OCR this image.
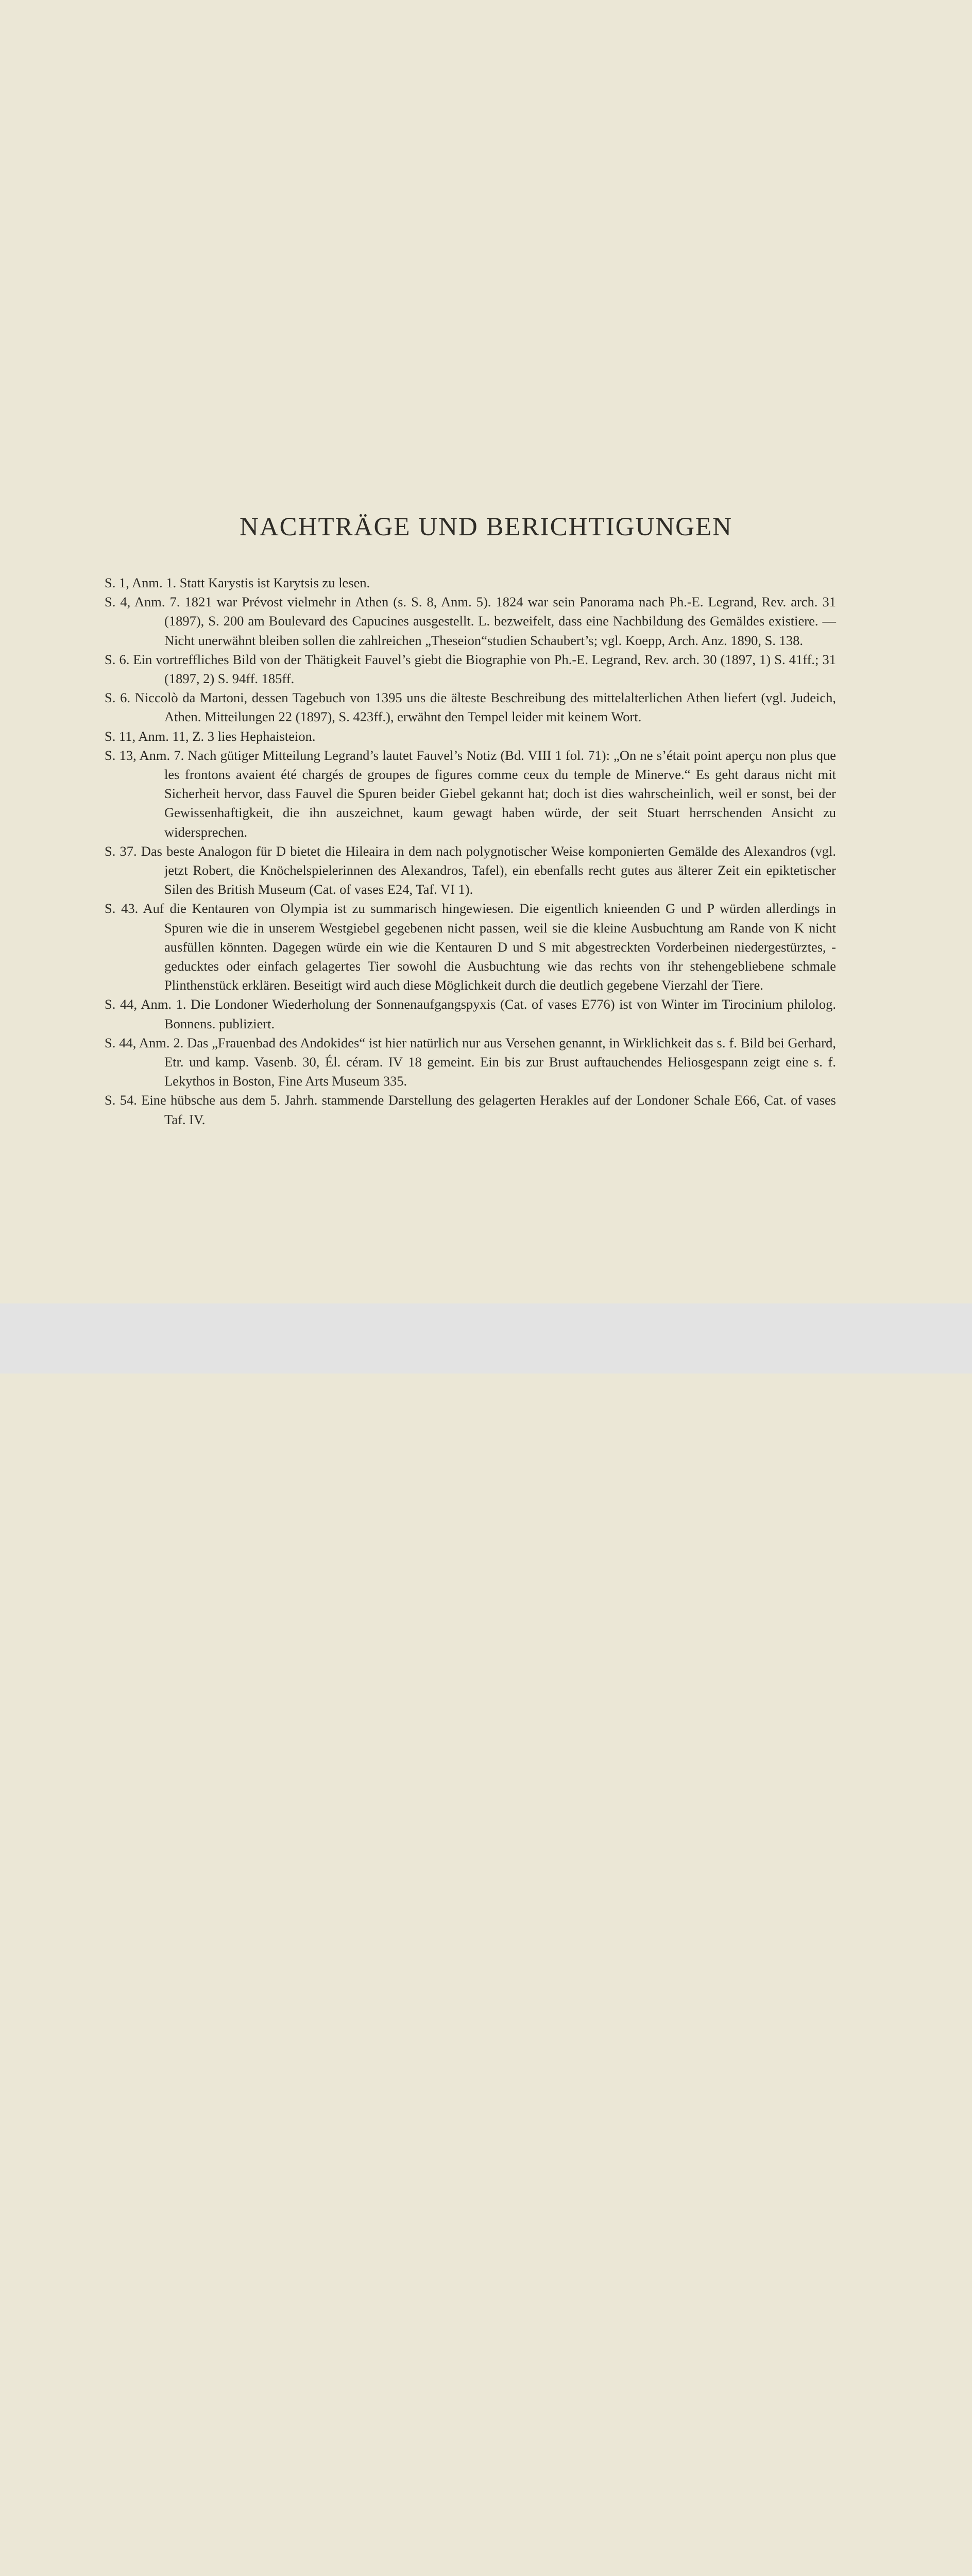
NACHTRÄGE UND BERICHTIGUNGEN

S. 1, Anm. 1. Statt Karystis ist Karytsis zu lesen.

S. 4, Anm. 7. 1821 war Prévost vielmehr in Athen (s. S. 8, Anm. 5). 1824 war sein Panorama nach Ph.-E. Legrand, Rev. arch. 31 (1897), S. 200 am Boulevard des Capucines ausgestellt. L. bezweifelt, dass eine Nachbildung des Gemäldes existiere. — Nicht unerwähnt bleiben sollen die zahlreichen „Theseion“studien Schaubert’s; vgl. Koepp, Arch. Anz. 1890, S. 138.

S. 6. Ein vortreffliches Bild von der Thätigkeit Fauvel’s giebt die Biographie von Ph.-E. Legrand, Rev. arch. 30 (1897, 1) S. 41ff.; 31 (1897, 2) S. 94ff. 185ff.

S. 6. Niccolò da Martoni, dessen Tagebuch von 1395 uns die älteste Beschreibung des mittelalterlichen Athen liefert (vgl. Judeich, Athen. Mitteilungen 22 (1897), S. 423ff.), erwähnt den Tempel leider mit keinem Wort.

S. 11, Anm. 11, Z. 3 lies Hephaisteion.

S. 13, Anm. 7. Nach gütiger Mitteilung Legrand’s lautet Fauvel’s Notiz (Bd. VIII 1 fol. 71): „On ne s’était point aperçu non plus que les frontons avaient été chargés de groupes de figures comme ceux du temple de Minerve.“ Es geht daraus nicht mit Sicherheit hervor, dass Fauvel die Spuren beider Giebel gekannt hat; doch ist dies wahrscheinlich, weil er sonst, bei der Gewissenhaftigkeit, die ihn auszeichnet, kaum gewagt haben würde, der seit Stuart herrschenden Ansicht zu widersprechen.

S. 37. Das beste Analogon für D bietet die Hileaira in dem nach polygnotischer Weise komponierten Gemälde des Alexandros (vgl. jetzt Robert, die Knöchelspielerinnen des Alexandros, Tafel), ein ebenfalls recht gutes aus älterer Zeit ein epiktetischer Silen des British Museum (Cat. of vases E24, Taf. VI 1).

S. 43. Auf die Kentauren von Olympia ist zu summarisch hingewiesen. Die eigentlich knieenden G und P würden allerdings in Spuren wie die in unserem Westgiebel gegebenen nicht passen, weil sie die kleine Ausbuchtung am Rande von K nicht ausfüllen könnten. Dagegen würde ein wie die Kentauren D und S mit abgestreckten Vorderbeinen niedergestürztes, -geducktes oder einfach gelagertes Tier sowohl die Ausbuchtung wie das rechts von ihr stehengebliebene schmale Plinthenstück erklären. Beseitigt wird auch diese Möglichkeit durch die deutlich gegebene Vierzahl der Tiere.

S. 44, Anm. 1. Die Londoner Wiederholung der Sonnenaufgangspyxis (Cat. of vases E776) ist von Winter im Tirocinium philolog. Bonnens. publiziert.

S. 44, Anm. 2. Das „Frauenbad des Andokides“ ist hier natürlich nur aus Versehen genannt, in Wirklichkeit das s. f. Bild bei Gerhard, Etr. und kamp. Vasenb. 30, Él. céram. IV 18 gemeint. Ein bis zur Brust auftauchendes Heliosgespann zeigt eine s. f. Lekythos in Boston, Fine Arts Museum 335.

S. 54. Eine hübsche aus dem 5. Jahrh. stammende Darstellung des gelagerten Herakles auf der Londoner Schale E66, Cat. of vases Taf. IV.
